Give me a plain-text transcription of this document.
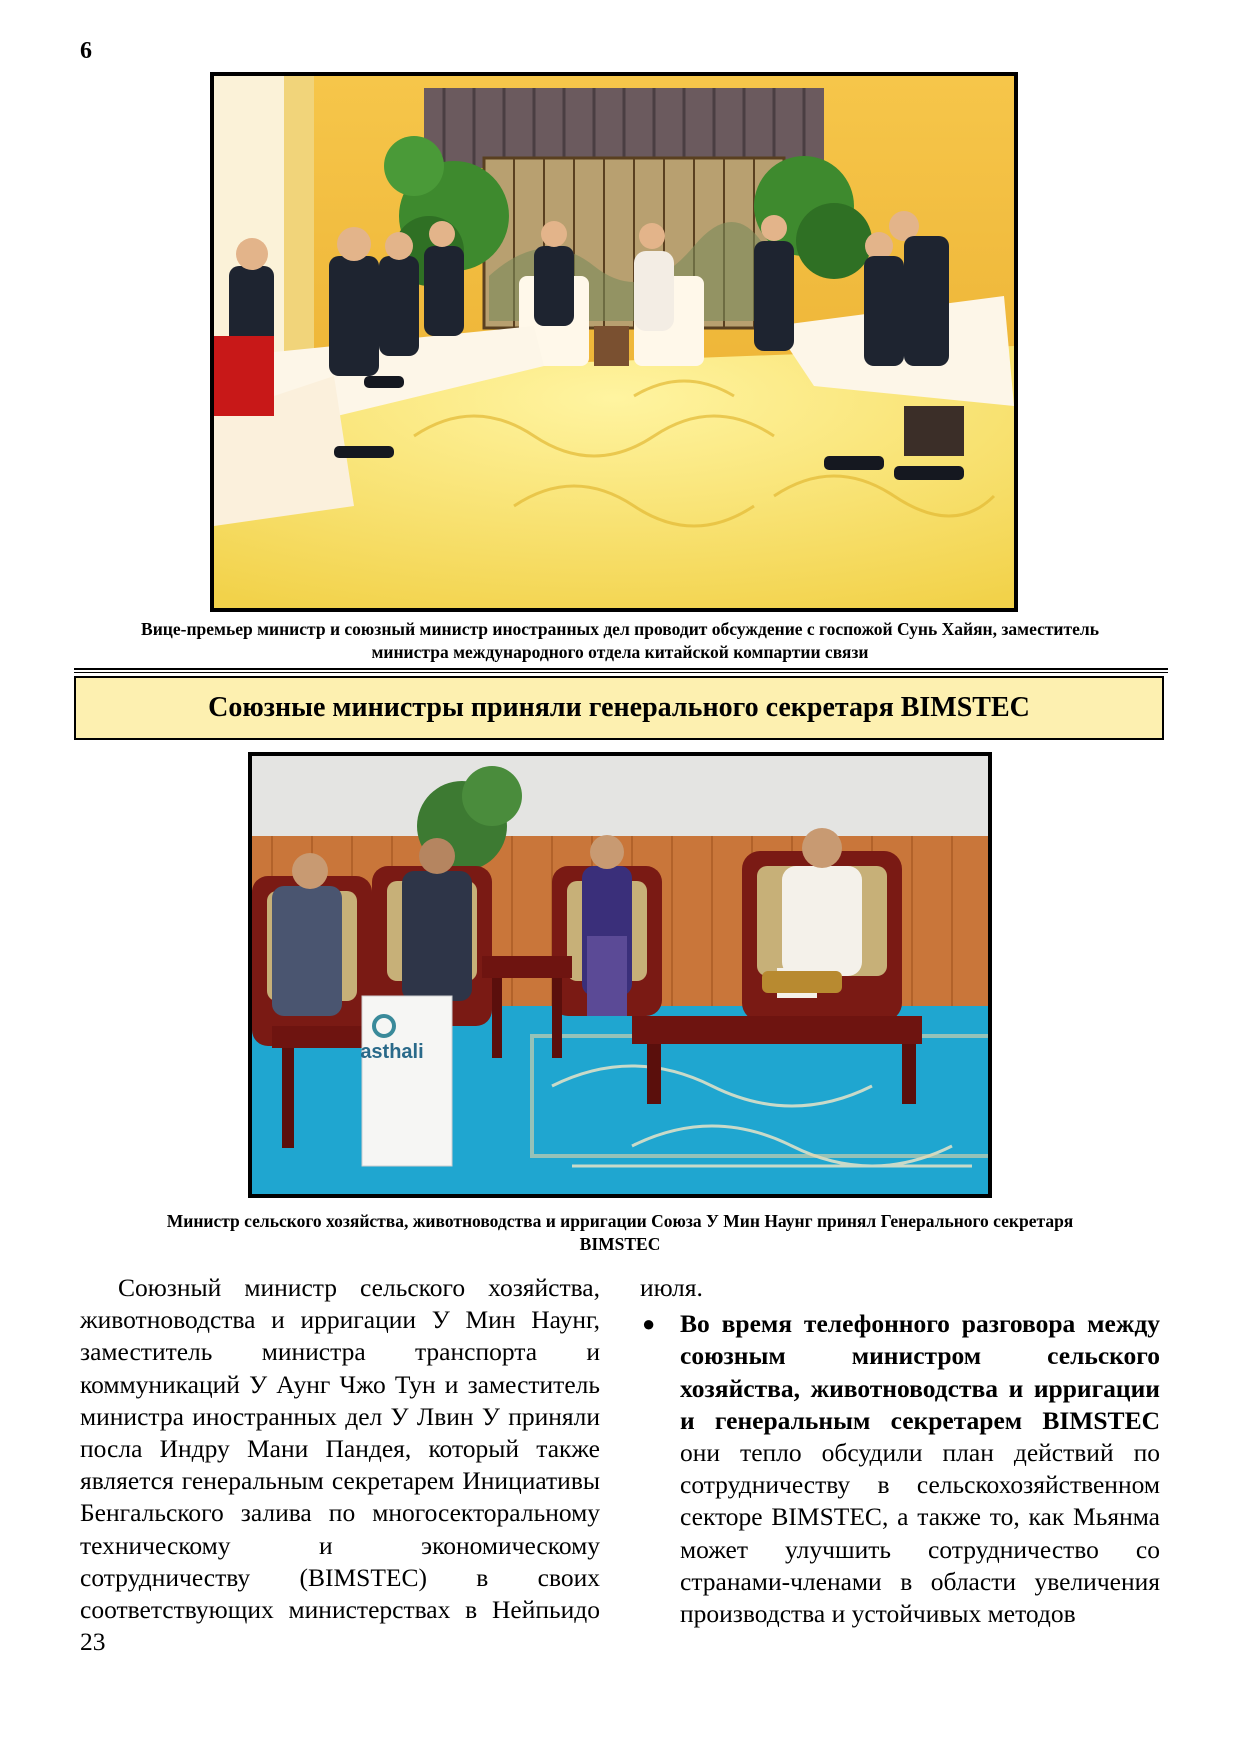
6
Вице-премьер министр и союзный министр иностранных дел проводит обсуждение с госпожой Сунь Хайян, заместитель министра международного отдела китайской компартии связи
Союзные министры приняли генерального секретаря BIMSTEC
asthali
Министр сельского хозяйства, животноводства и ирригации Союза У Мин Наунг принял Генерального секретаря BIMSTEC
Союзный министр сельского хозяйства, животноводства и ирригации У Мин Наунг, заместитель министра транспорта и коммуникаций У Аунг Чжо Тун и заместитель министра иностранных дел У Лвин У приняли посла Индру Мани Пандея, который также является генеральным секретарем Инициативы Бенгальского залива по многосекторальному техническому и экономическому сотрудничеству (BIMSTEC) в своих соответствующих министерствах в Нейпьидо 23
июля.
● Во время телефонного разговора между союзным министром сельского хозяйства, животноводства и ирригации и генеральным секретарем BIMSTEC они тепло обсудили план действий по сотрудничеству в сельскохозяйственном секторе BIMSTEC, а также то, как Мьянма может улучшить сотрудничество со странами-членами в области увеличения производства и устойчивых методов
